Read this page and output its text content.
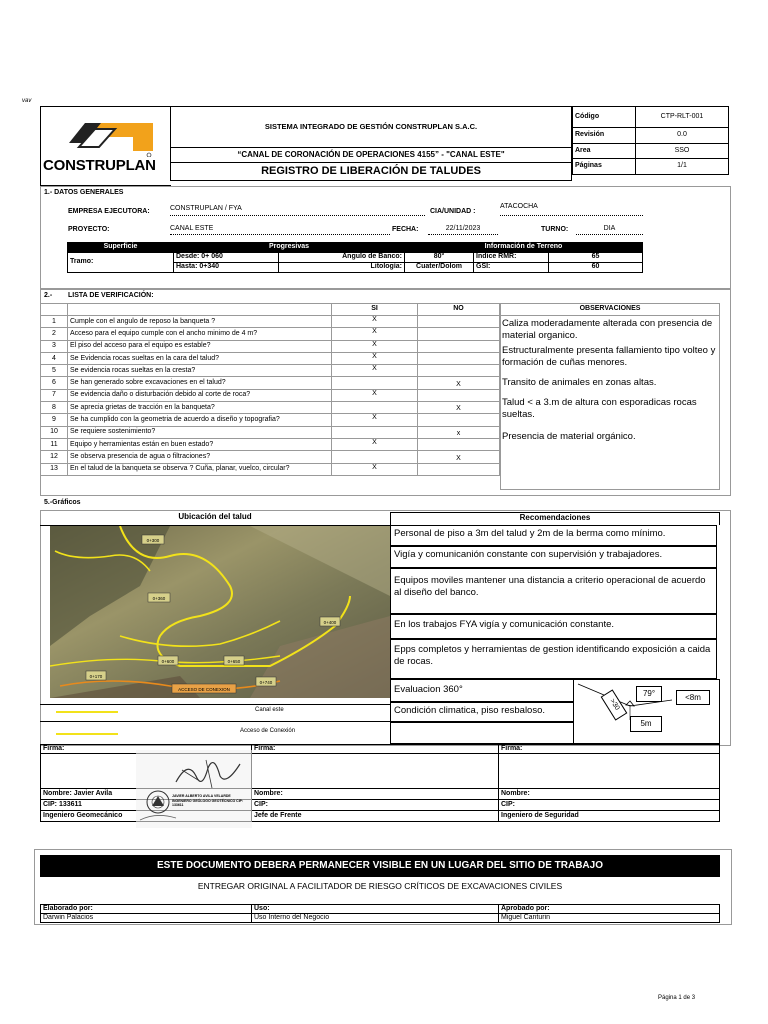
vav
CONSTRUPLAN
SISTEMA INTEGRADO DE GESTIÓN CONSTRUPLAN S.A.C.
“CANAL DE CORONACIÓN DE OPERACIONES 4155” - "CANAL ESTE"
REGISTRO DE LIBERACIÓN DE TALUDES
Código	CTP-RLT-001
Revisión	0.0
Area	SSO
Páginas	1/1
1.- DATOS GENERALES
EMPRESA EJECUTORA:	CONSTRUPLAN / FYA	CIA/UNIDAD :
ATACOCHA
PROYECTO:	CANAL ESTE	FECHA:	22/11/2023	TURNO:	DIA
Superficie	Progresivas		Información de Terreno		
Tramo:	Desde: 0+ 060	Angulo de Banco:	80°	Indice RMR:	65
	Hasta: 0+340	Litología:	Cuater/Dolom	GSI:	60
2.- LISTA DE VERIFICACIÓN:
		SI	NO
1	Cumple con el angulo de reposo la banqueta ?	X	
2	Acceso para el equipo cumple con el ancho minimo de 4 m?	X	
3	El piso del acceso para el equipo es estable?	X	
4	Se Evidencia rocas sueltas en la cara del talud?	X	
5	Se evidencia rocas sueltas en la cresta?	X	
6	Se han generado sobre excavaciones en el talud?		X
7	Se evidencia daño o disturbación debido al corte de roca?	X	
8	Se aprecia grietas de tracción en la banqueta?		X
9	Se ha cumplido con la geometria de acuerdo a diseño y topografia?	X	
10	Se requiere sostenimiento?		x
11	Equipo y herramientas están en buen estado?	X	
12	Se observa presencia de agua o filtraciones?		X
13	En el talud de la banqueta se observa ? Cuña, planar, vuelco, circular?	X	
OBSERVACIONES

Caliza moderadamente alterada con presencia de material organico.
Estructuralmente presenta fallamiento tipo volteo y formación de cuñas menores.
Transito de animales en zonas altas.
Talud < a 3.m de altura con esporadicas rocas sueltas.
Presencia de material orgánico.
5.-Gráficos
Ubicación del talud	Recomendaciones
0+300
0+360
0+400
0+600	0+650
0+170
0+740
ACCESO DE CONEXION
Canal este
Acceso de Conexión
Personal de piso a 3m del talud y 2m de la berma como mínimo.
Vigía y comunicanión constante con supervisión y trabajadores.
Equipos moviles mantener una distancia a criterio operacional de acuerdo al diseño del banco.
En los trabajos FYA vigía y comunicación constante.
Epps completos y herramientas de gestion identificando exposición a caida de rocas.
Evaluacion 360°
Condición climatica, piso resbaloso.	>30
79°	<8m
5m
Firma:	Firma:	Firma:

Nombre: Javier Avila	Nombre:	Nombre:
CIP: 133611	CIP:	CIP:
Ingeniero Geomecánico	Jefe de Frente	Ingeniero de Seguridad
JAVIER ALBERTO AVILA VELARDE INGENIERO GEÓLOGO GEOTÉCNICO CIP: 133611
ESTE DOCUMENTO DEBERA PERMANECER VISIBLE EN UN LUGAR DEL SITIO DE TRABAJO
ENTREGAR ORIGINAL A FACILITADOR DE RIESGO CRÍTICOS DE EXCAVACIONES CIVILES
Elaborado por:	Uso:	Aprobado por:
Darwin Palacios	Uso Interno del Negocio	Miguel Canturin
Página 1 de 3
